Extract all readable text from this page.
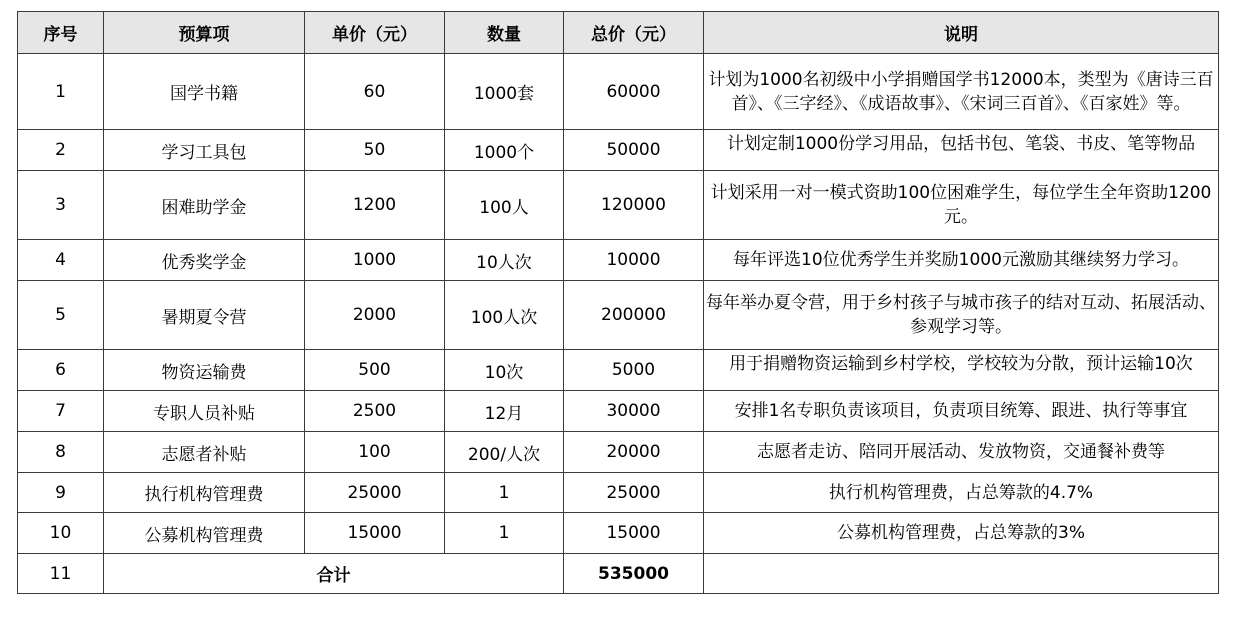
序号	预算项	单价（元）	数量	总价（元）	说明
1	国学书籍	60	1000套	60000	计划为1000名初级中小学捐赠国学书12000本，类型为《唐诗三百首》、《三字经》、《成语故事》、《宋词三百首》、《百家姓》等。
2	学习工具包	50	1000个	50000	计划定制1000份学习用品，包括书包、笔袋、书皮、笔等物品
3	困难助学金	1200	100人	120000	计划采用一对一模式资助100位困难学生，每位学生全年资助1200元。
4	优秀奖学金	1000	10人次	10000	每年评选10位优秀学生并奖励1000元激励其继续努力学习。
5	暑期夏令营	2000	100人次	200000	每年举办夏令营，用于乡村孩子与城市孩子的结对互动、拓展活动、参观学习等。
6	物资运输费	500	10次	5000	用于捐赠物资运输到乡村学校，学校较为分散，预计运输10次
7	专职人员补贴	2500	12月	30000	安排1名专职负责该项目，负责项目统筹、跟进、执行等事宜
8	志愿者补贴	100	200/人次	20000	志愿者走访、陪同开展活动、发放物资，交通餐补费等
9	执行机构管理费	25000	1	25000	执行机构管理费，占总筹款的4.7%
10	公募机构管理费	15000	1	15000	公募机构管理费，占总筹款的3%
11	合计			535000	
